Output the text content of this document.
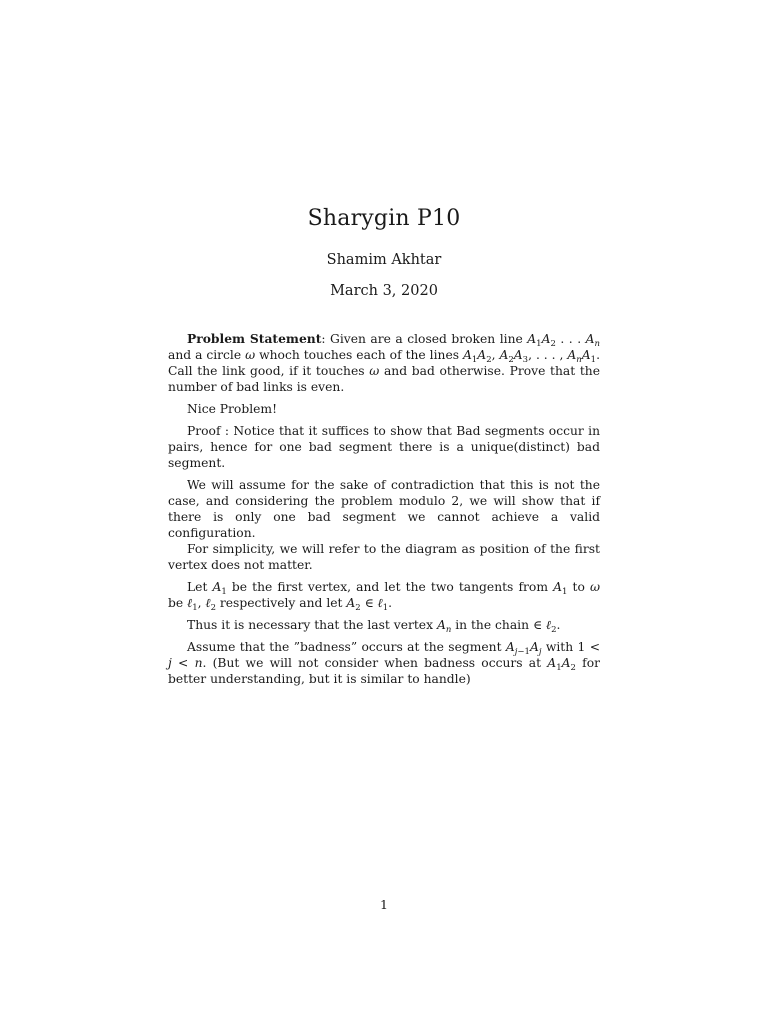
Sharygin P10
Shamim Akhtar
March 3, 2020

Problem Statement: Given are a closed broken line $A_1A_2$ . . . $A_n$ and a circle ω whoch touches each of the lines $A_1A_2$, $A_2A_3$, . . . , $A_nA_1$. Call the link good, if it touches ω and bad otherwise. Prove that the number of bad links is even.

Nice Problem!

Proof : Notice that it suffices to show that Bad segments occur in pairs, hence for one bad segment there is a unique(distinct) bad segment.

We will assume for the sake of contradiction that this is not the case, and considering the problem modulo 2, we will show that if there is only one bad segment we cannot achieve a valid configuration.

For simplicity, we will refer to the diagram as position of the first vertex does not matter.

Let $A_1$ be the first vertex, and let the two tangents from $A_1$ to ω be ℓ$_1$, ℓ$_2$ respectively and let $A_2$ ∈ ℓ$_1$.

Thus it is necessary that the last vertex $A_n$ in the chain ∈ ℓ$_2$.

Assume that the ”badness” occurs at the segment $A_{j-1}A_j$ with 1 < j < n. (But we will not consider when badness occurs at $A_1A_2$ for better understanding, but it is similar to handle)

1
